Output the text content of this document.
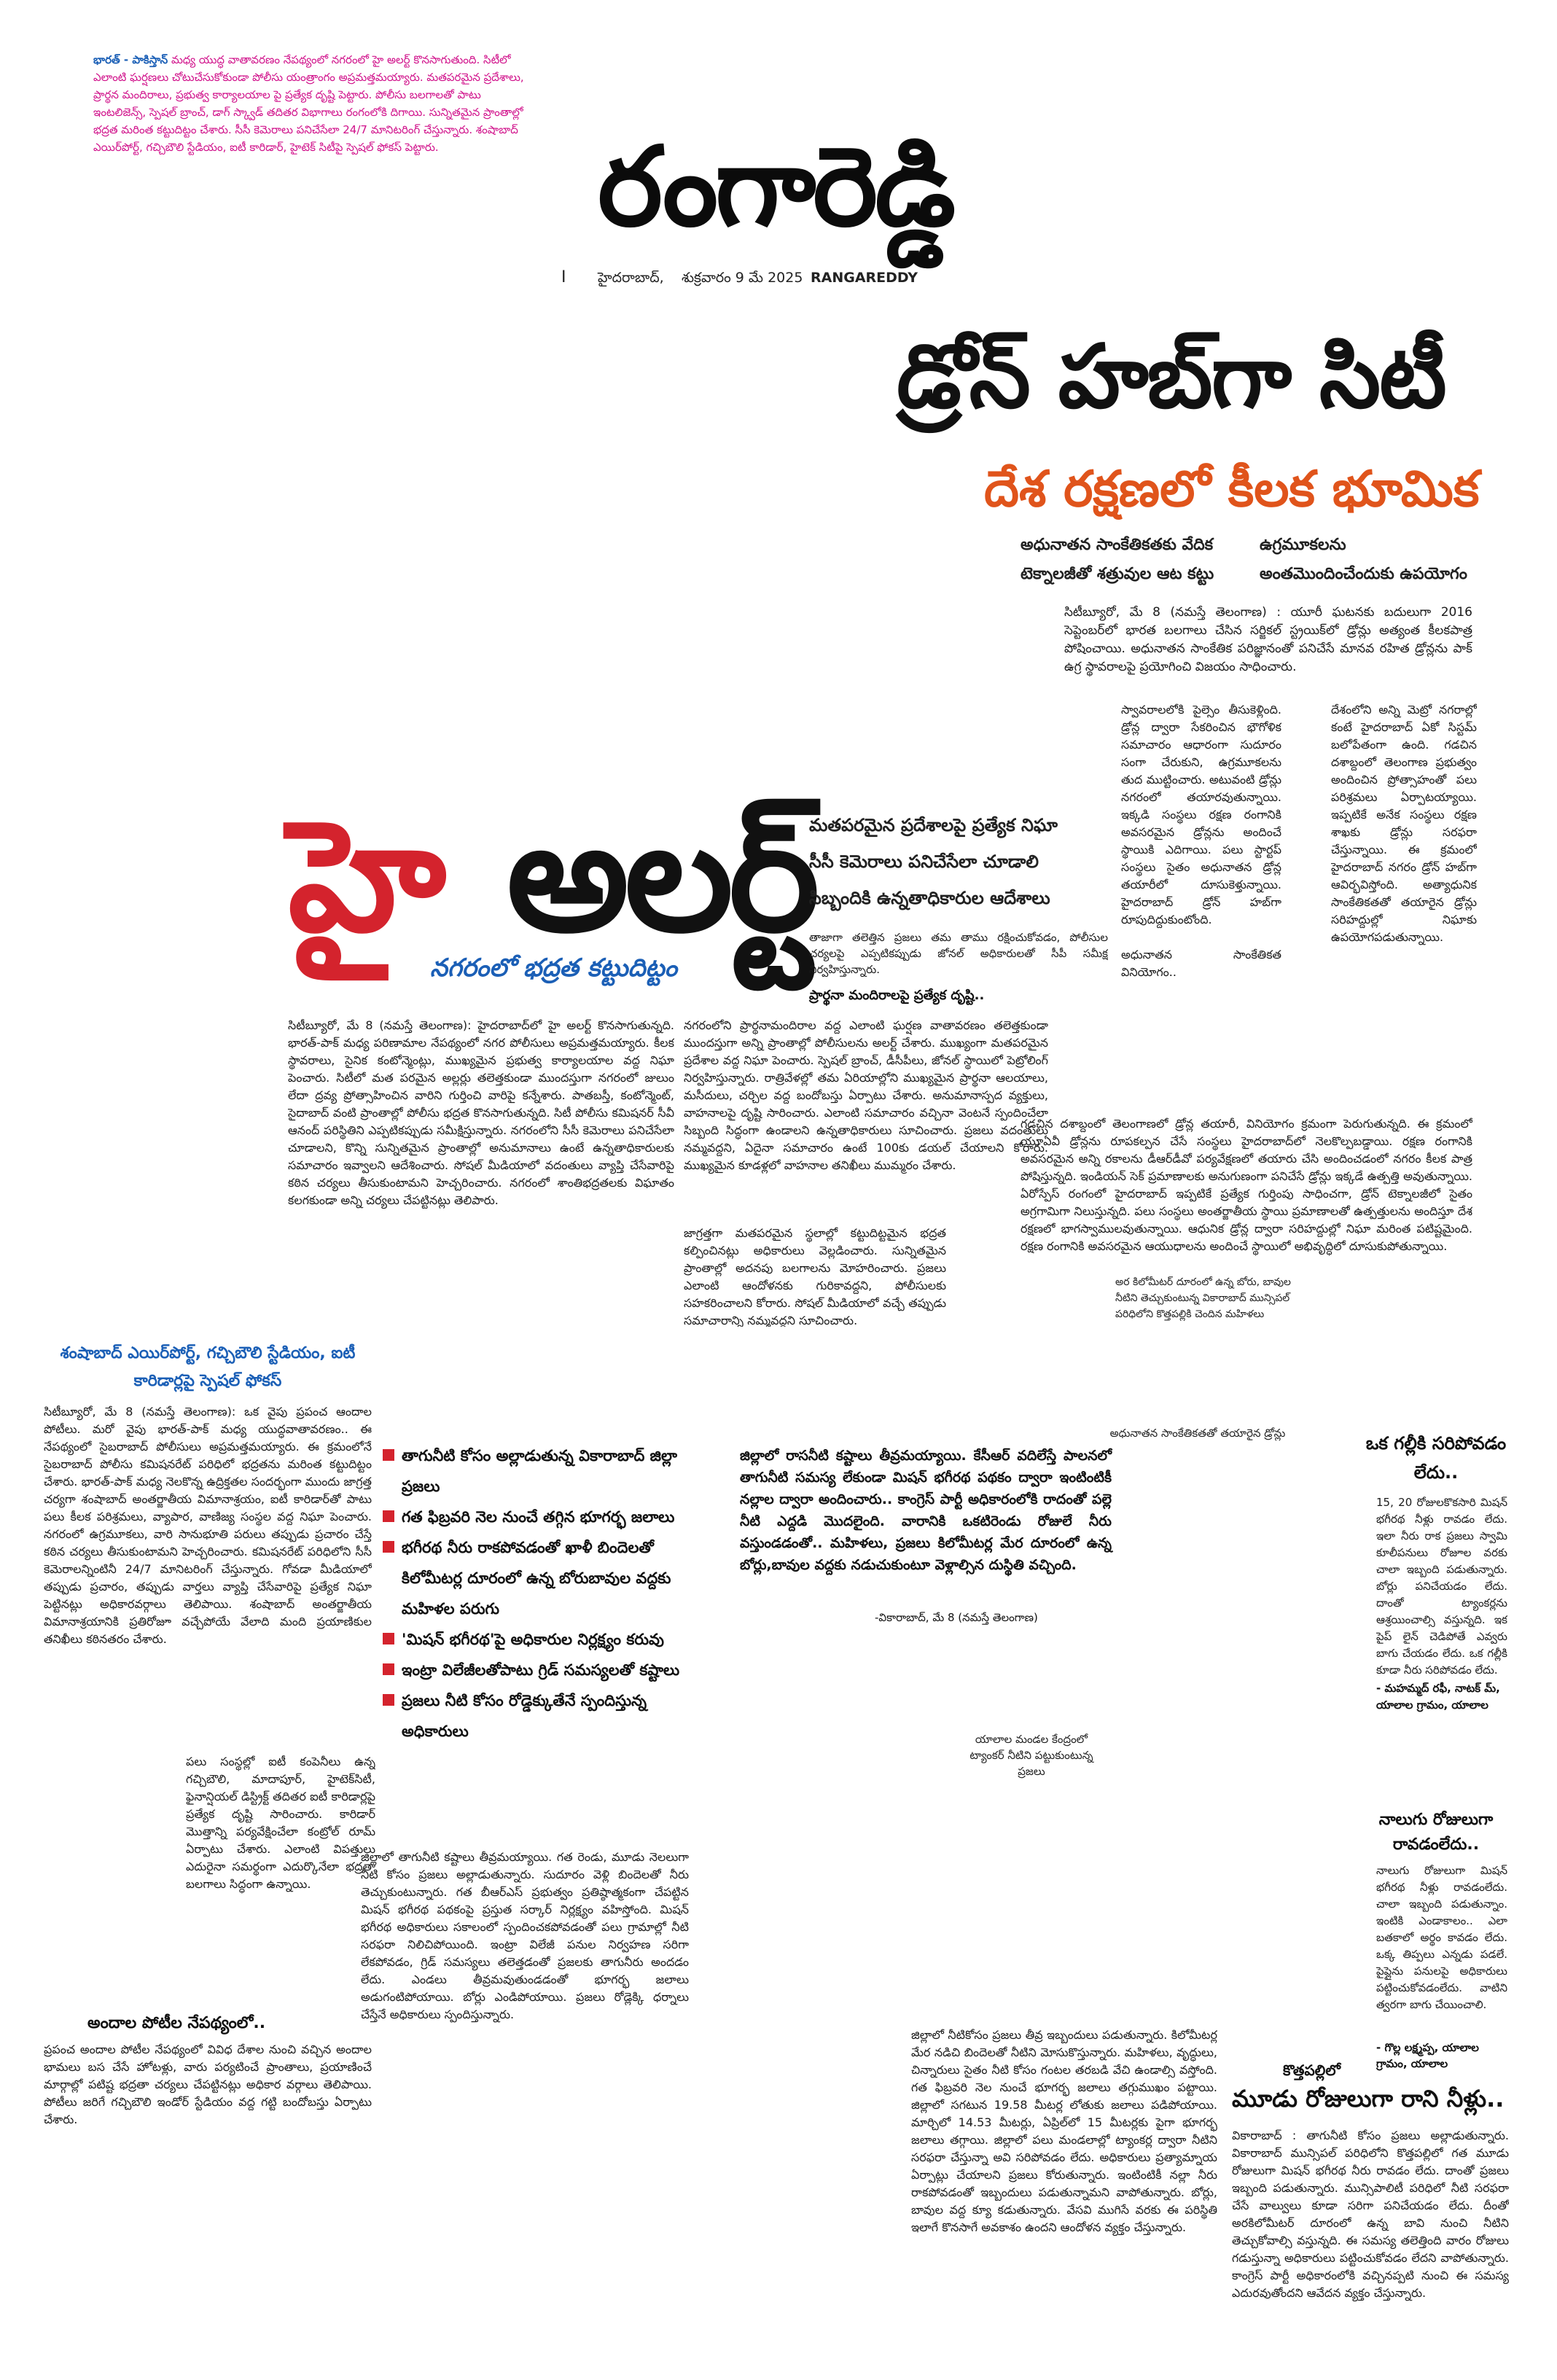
భారత్ - పాకిస్తాన్ మధ్య యుద్ధ వాతావరణం నేపథ్యంలో నగరంలో హై అలర్ట్ కొనసాగుతుంది. సిటీలో ఎలాంటి ఘర్షణలు చోటుచేసుకోకుండా పోలీసు యంత్రాంగం అప్రమత్తమయ్యారు. మతపరమైన ప్రదేశాలు, ప్రార్థన మందిరాలు, ప్రభుత్వ కార్యాలయాల పై ప్రత్యేక దృష్టి పెట్టారు. పోలీసు బలగాలతో పాటు ఇంటలిజెన్స్, స్పెషల్ బ్రాంచ్, డాగ్ స్క్వాడ్ తదితర విభాగాలు రంగంలోకి దిగాయి. సున్నితమైన ప్రాంతాల్లో భద్రత మరింత కట్టుదిట్టం చేశారు. సీసీ కెమెరాలు పనిచేసేలా 24/7 మానిటరింగ్ చేస్తున్నారు. శంషాబాద్ ఎయిర్‌పోర్ట్, గచ్చిబౌలి స్టేడియం, ఐటీ కారిడార్, హైటెక్ సిటీపై స్పెషల్ ఫోకస్ పెట్టారు.	రంగారెడ్డి
I హైదరాబాద్, శుక్రవారం 9 మే 2025 RANGAREDDY
డ్రోన్ హబ్‌గా సిటీ
దేశ రక్షణలో కీలక భూమిక
అధునాతన సాంకేతికతకు వేదిక
టెక్నాలజీతో శత్రువుల ఆట కట్టు
ఉగ్రమూకలను
అంతమొందించేందుకు ఉపయోగం
సిటీబ్యూరో, మే 8 (నమస్తే తెలంగాణ) : యూరీ ఘటనకు బదులుగా 2016 సెప్టెంబర్‌లో భారత బలగాలు చేసిన సర్జికల్ స్ట్రయిక్‌లో డ్రోన్లు అత్యంత కీలకపాత్ర పోషించాయి. అధునాతన సాంకేతిక పరిజ్ఞానంతో పనిచేసే మానవ రహిత డ్రోన్లను పాక్ ఉగ్ర స్థావరాలపై ప్రయోగించి విజయం సాధించారు.
స్వావరాలలోకి పైల్సెం తీసుకెళ్లింది. డ్రోన్ల ద్వారా సేకరించిన భౌగోళిక సమాచారం ఆధారంగా సుదూరం సంగా చేరుకుని, ఉగ్రమూకలను తుద ముట్టించారు. అటువంటి డ్రోన్లు నగరంలో తయారవుతున్నాయి. ఇక్కడి సంస్థలు రక్షణ రంగానికి అవసరమైన డ్రోన్లను అందించే స్థాయికి ఎదిగాయి. పలు స్టార్టప్ సంస్థలు సైతం అధునాతన డ్రోన్ల తయారీలో దూసుకెళ్తున్నాయి. హైదరాబాద్ డ్రోన్ హబ్‌గా రూపుదిద్దుకుంటోంది.

అధునాతన సాంకేతికత వినియోగం..
దేశంలోని అన్ని మెట్రో నగరాల్లో కంటే హైదరాబాద్ ఏకో సిస్టమ్ బలోపేతంగా ఉంది. గడచిన దశాబ్దంలో తెలంగాణ ప్రభుత్వం అందించిన ప్రోత్సాహంతో పలు పరిశ్రమలు ఏర్పాటయ్యాయి. ఇప్పటికే అనేక సంస్థలు రక్షణ శాఖకు డ్రోన్లు సరఫరా చేస్తున్నాయి. ఈ క్రమంలో హైదరాబాద్ నగరం డ్రోన్ హబ్‌గా ఆవిర్భవిస్తోంది. అత్యాధునిక సాంకేతికతతో తయారైన డ్రోన్లు సరిహద్దుల్లో నిఘాకు ఉపయోగపడుతున్నాయి.
గడచిన దశాబ్దంలో తెలంగాణలో డ్రోన్ల తయారీ, వినియోగం క్రమంగా పెరుగుతున్నది. ఈ క్రమంలో యూఏవీ డ్రోన్లను రూపకల్పన చేసే సంస్థలు హైదరాబాద్‌లో నెలకొల్పబడ్డాయి. రక్షణ రంగానికి అవసరమైన అన్ని రకాలను డీఆర్‌డీవో పర్యవేక్షణలో తయారు చేసి అందించడంలో నగరం కీలక పాత్ర పోషిస్తున్నది. ఇండియన్ సెక్ ప్రమాణాలకు అనుగుణంగా పనిచేసే డ్రోన్లు ఇక్కడే ఉత్పత్తి అవుతున్నాయి. ఏరోస్పేస్ రంగంలో హైదరాబాద్ ఇప్పటికే ప్రత్యేక గుర్తింపు సాధించగా, డ్రోన్ టెక్నాలజీలో సైతం అగ్రగామిగా నిలుస్తున్నది. పలు సంస్థలు అంతర్జాతీయ స్థాయి ప్రమాణాలతో ఉత్పత్తులను అందిస్తూ దేశ రక్షణలో భాగస్వాములవుతున్నాయి. ఆధునిక డ్రోన్ల ద్వారా సరిహద్దుల్లో నిఘా మరింత పటిష్టమైంది. రక్షణ రంగానికి అవసరమైన ఆయుధాలను అందించే స్థాయిలో అభివృద్ధిలో దూసుకుపోతున్నాయి.
అధునాతన సాంకేతికతతో తయారైన డ్రోన్లు
హై అలర్ట్
నగరంలో భద్రత కట్టుదిట్టం
మతపరమైన ప్రదేశాలపై ప్రత్యేక నిఘా
సీసీ కెమెరాలు పనిచేసేలా చూడాలి
సిబ్బందికి ఉన్నతాధికారుల ఆదేశాలు
తాజాగా తలెత్తిన ప్రజలు తమ తాము రక్షించుకోవడం, పోలీసుల చర్యలపై ఎప్పటికప్పుడు జోనల్ అధికారులతో సీపీ సమీక్ష నిర్వహిస్తున్నారు.
ప్రార్థనా మందిరాలపై ప్రత్యేక దృష్టి..
సిటీబ్యూరో, మే 8 (నమస్తే తెలంగాణ): హైదరాబాద్‌లో హై అలర్ట్ కొనసాగుతున్నది. భారత్-పాక్ మధ్య పరిణామాల నేపథ్యంలో నగర పోలీసులు అప్రమత్తమయ్యారు. కీలక స్థావరాలు, సైనిక కంటోన్మెంట్లు, ముఖ్యమైన ప్రభుత్వ కార్యాలయాల వద్ద నిఘా పెంచారు. సిటీలో మత పరమైన అల్లర్లు తలెత్తకుండా ముందస్తుగా నగరంలో జులుం లేదా ద్రవ్య ప్రోత్సాహించిన వారిని గుర్తించి వారిపై కన్నేశారు. పాతబస్తీ, కంటోన్మెంట్, సైదాబాద్ వంటి ప్రాంతాల్లో పోలీసు భద్రత కొనసాగుతున్నది. సిటీ పోలీసు కమిషనర్ సీవీ ఆనంద్ పరిస్థితిని ఎప్పటికప్పుడు సమీక్షిస్తున్నారు. నగరంలోని సీసీ కెమెరాలు పనిచేసేలా చూడాలని, కొన్ని సున్నితమైన ప్రాంతాల్లో అనుమానాలు ఉంటే ఉన్నతాధికారులకు సమాచారం ఇవ్వాలని ఆదేశించారు. సోషల్ మీడియాలో వదంతులు వ్యాప్తి చేసేవారిపై కఠిన చర్యలు తీసుకుంటామని హెచ్చరించారు. నగరంలో శాంతిభద్రతలకు విఘాతం కలగకుండా అన్ని చర్యలు చేపట్టినట్లు తెలిపారు.
నగరంలోని ప్రార్థనామందిరాల వద్ద ఎలాంటి ఘర్షణ వాతావరణం తలెత్తకుండా ముందస్తుగా అన్ని ప్రాంతాల్లో పోలీసులను అలర్ట్ చేశారు. ముఖ్యంగా మతపరమైన ప్రదేశాల వద్ద నిఘా పెంచారు. స్పెషల్ బ్రాంచ్, డీసీపీలు, జోనల్ స్థాయిలో పెట్రోలింగ్ నిర్వహిస్తున్నారు. రాత్రివేళల్లో తమ ఏరియాల్లోని ముఖ్యమైన ప్రార్థనా ఆలయాలు, మసీదులు, చర్చిల వద్ద బందోబస్తు ఏర్పాటు చేశారు. అనుమానాస్పద వ్యక్తులు, వాహనాలపై దృష్టి సారించారు. ఎలాంటి సమాచారం వచ్చినా వెంటనే స్పందించేలా సిబ్బంది సిద్ధంగా ఉండాలని ఉన్నతాధికారులు సూచించారు. ప్రజలు వదంతులు నమ్మవద్దని, ఏదైనా సమాచారం ఉంటే 100కు డయల్ చేయాలని కోరారు. ముఖ్యమైన కూడళ్లలో వాహనాల తనిఖీలు ముమ్మరం చేశారు.
జాగ్రత్తగా మతపరమైన స్థలాల్లో కట్టుదిట్టమైన భద్రత కల్పించినట్లు అధికారులు వెల్లడించారు. సున్నితమైన ప్రాంతాల్లో అదనపు బలగాలను మోహరించారు. ప్రజలు ఎలాంటి ఆందోళనకు గురికావద్దని, పోలీసులకు సహకరించాలని కోరారు. సోషల్ మీడియాలో వచ్చే తప్పుడు సమాచారాన్ని నమ్మవద్దని సూచించారు.
శంషాబాద్ ఎయిర్‌పోర్ట్, గచ్చిబౌలి స్టేడియం, ఐటీ కారిడార్లపై స్పెషల్ ఫోకస్
సిటీబ్యూరో, మే 8 (నమస్తే తెలంగాణ): ఒక వైపు ప్రపంచ ఆందాల పోటీలు. మరో వైపు భారత్-పాక్ మధ్య యుద్ధవాతావరణం.. ఈ నేపథ్యంలో సైబరాబాద్ పోలీసులు అప్రమత్తమయ్యారు. ఈ క్రమంలోనే సైబరాబాద్ పోలీసు కమిషనరేట్ పరిధిలో భద్రతను మరింత కట్టుదిట్టం చేశారు. భారత్-పాక్ మధ్య నెలకొన్న ఉద్రిక్తతల సందర్భంగా ముందు జాగ్రత్త చర్యగా శంషాబాద్ అంతర్జాతీయ విమానాశ్రయం, ఐటీ కారిడార్‌తో పాటు పలు కీలక పరిశ్రమలు, వ్యాపార, వాణిజ్య సంస్థల వద్ద నిఘా పెంచారు. నగరంలో ఉగ్రమూకలు, వారి సానుభూతి పరులు తప్పుడు ప్రచారం చేస్తే కఠిన చర్యలు తీసుకుంటామని హెచ్చరించారు. కమిషనరేట్ పరిధిలోని సీసీ కెమెరాలన్నింటినీ 24/7 మానిటరింగ్ చేస్తున్నారు. గోవడా మీడియాలో తప్పుడు ప్రచారం, తప్పుడు వార్తలు వ్యాప్తి చేసేవారిపై ప్రత్యేక నిఘా పెట్టినట్లు అధికారవర్గాలు తెలిపాయి. శంషాబాద్ అంతర్జాతీయ విమానాశ్రయానికి ప్రతిరోజూ వచ్చేపోయే వేలాది మంది ప్రయాణికుల తనిఖీలు కఠినతరం చేశారు.
పలు సంస్థల్లో ఐటీ కంపెనీలు ఉన్న గచ్చిబౌలి, మాదాపూర్, హైటెక్‌సిటీ, ఫైనాన్షియల్ డిస్ట్రిక్ట్ తదితర ఐటీ కారిడార్లపై ప్రత్యేక దృష్టి సారించారు. కారిడార్ మొత్తాన్ని పర్యవేక్షించేలా కంట్రోల్ రూమ్ ఏర్పాటు చేశారు. ఎలాంటి విపత్తులు ఎదురైనా సమర్థంగా ఎదుర్కొనేలా భద్రతా బలగాలు సిద్ధంగా ఉన్నాయి.
అందాల పోటీల నేపథ్యంలో..
ప్రపంచ అందాల పోటీల నేపథ్యంలో వివిధ దేశాల నుంచి వచ్చిన అందాల భామలు బస చేసే హోటళ్లు, వారు పర్యటించే ప్రాంతాలు, ప్రయాణించే మార్గాల్లో పటిష్ట భద్రతా చర్యలు చేపట్టినట్లు అధికార వర్గాలు తెలిపాయి. పోటీలు జరిగే గచ్చిబౌలి ఇండోర్ స్టేడియం వద్ద గట్టి బందోబస్తు ఏర్పాటు చేశారు.
అర కిలోమీటర్ దూరంలో ఉన్న బోరు, బావుల నీటిని తెచ్చుకుంటున్న వికారాబాద్ మున్సిపల్ పరిధిలోని కొత్తపల్లికి చెందిన మహిళలు
తాగునీటి కోసం అల్లాడుతున్న వికారాబాద్ జిల్లా ప్రజలు
గత ఫిబ్రవరి నెల నుంచే తగ్గిన భూగర్భ జలాలు
భగీరథ నీరు రాకపోవడంతో ఖాళీ బిందెలతో కిలోమీటర్ల దూరంలో ఉన్న బోరుబావుల వద్దకు మహిళల పరుగు
'మిషన్ భగీరథ'పై అధికారుల నిర్లక్ష్యం కరువు
ఇంట్రా విలేజీలతోపాటు గ్రిడ్ సమస్యలతో కష్టాలు
ప్రజలు నీటి కోసం రోడ్డెక్కుతేనే స్పందిస్తున్న అధికారులు
జిల్లాలో రాసనీటి కష్టాలు తీవ్రమయ్యాయి. కేసీఆర్ వదిలేస్తే పాలనలో తాగునీటి సమస్య లేకుండా మిషన్ భగీరథ పథకం ద్వారా ఇంటింటికీ నల్లాల ద్వారా అందించారు.. కాంగ్రెస్ పార్టీ అధికారంలోకి రాదంతో పల్లె నీటి ఎద్దడి మొదలైంది. వారానికి ఒకటిరెండు రోజులే నీరు వస్తుండడంతో.. మహిళలు, ప్రజలు కిలోమీటర్ల మేర దూరంలో ఉన్న బోర్లు,బావుల వద్దకు నడుచుకుంటూ వెళ్లాల్సిన దుస్థితి వచ్చింది.
-వికారాబాద్, మే 8 (నమస్తే తెలంగాణ)
యాలాల మండల కేంద్రంలో ట్యాంకర్ నీటిని పట్టుకుంటున్న ప్రజలు
జిల్లాలో తాగునీటి కష్టాలు తీవ్రమయ్యాయి. గత రెండు, మూడు నెలలుగా నీటి కోసం ప్రజలు అల్లాడుతున్నారు. సుదూరం వెళ్లి బిందెలతో నీరు తెచ్చుకుంటున్నారు. గత బీఆర్ఎస్ ప్రభుత్వం ప్రతిష్ఠాత్మకంగా చేపట్టిన మిషన్ భగీరథ పథకంపై ప్రస్తుత సర్కార్ నిర్లక్ష్యం వహిస్తోంది. మిషన్ భగీరథ అధికారులు సకాలంలో స్పందించకపోవడంతో పలు గ్రామాల్లో నీటి సరఫరా నిలిచిపోయింది. ఇంట్రా విలేజీ పనుల నిర్వహణ సరిగా లేకపోవడం, గ్రిడ్ సమస్యలు తలెత్తడంతో ప్రజలకు తాగునీరు అందడం లేదు. ఎండలు తీవ్రమవుతుండడంతో భూగర్భ జలాలు అడుగంటిపోయాయి. బోర్లు ఎండిపోయాయి. ప్రజలు రోడ్లెక్కి ధర్నాలు చేస్తేనే అధికారులు స్పందిస్తున్నారు.
జిల్లాలో నీటికోసం ప్రజలు తీవ్ర ఇబ్బందులు పడుతున్నారు. కిలోమీటర్ల మేర నడిచి బిందెలతో నీటిని మోసుకొస్తున్నారు. మహిళలు, వృద్ధులు, చిన్నారులు సైతం నీటి కోసం గంటల తరబడి వేచి ఉండాల్సి వస్తోంది. గత ఫిబ్రవరి నెల నుంచే భూగర్భ జలాలు తగ్గుముఖం పట్టాయి. జిల్లాలో సగటున 19.58 మీటర్ల లోతుకు జలాలు పడిపోయాయి. మార్చిలో 14.53 మీటర్లు, ఏప్రిల్‌లో 15 మీటర్లకు పైగా భూగర్భ జలాలు తగ్గాయి. జిల్లాలో పలు మండలాల్లో ట్యాంకర్ల ద్వారా నీటిని సరఫరా చేస్తున్నా అవి సరిపోవడం లేదు. అధికారులు ప్రత్యామ్నాయ ఏర్పాట్లు చేయాలని ప్రజలు కోరుతున్నారు. ఇంటింటికీ నల్లా నీరు రాకపోవడంతో ఇబ్బందులు పడుతున్నామని వాపోతున్నారు. బోర్లు, బావుల వద్ద క్యూ కడుతున్నారు. వేసవి ముగిసే వరకు ఈ పరిస్థితి ఇలాగే కొనసాగే అవకాశం ఉందని ఆందోళన వ్యక్తం చేస్తున్నారు.
ఒక గల్లీకి సరిపోవడం లేదు..
15, 20 రోజులకొకసారి మిషన్ భగీరథ నీళ్లు రావడం లేదు. ఇలా నీరు రాక ప్రజలు స్వామి కూలీపనులు రోజూల వరకు చాలా ఇబ్బంది పడుతున్నారు. బోర్లు పనిచేయడం లేదు. దాంతో ట్యాంకర్లను ఆశ్రయించాల్సి వస్తున్నది. ఇక పైప్ లైన్ చెడిపోతే ఎవ్వరు బాగు చేయడం లేదు. ఒక గల్లీకి కూడా నీరు సరిపోవడం లేదు.
- మహమ్మద్ రఫీ, నాటక్ మ్, యాలాల గ్రామం, యాలాల
నాలుగు రోజులుగా రావడంలేదు..
నాలుగు రోజులుగా మిషన్ భగీరథ నీళ్లు రావడంలేదు. చాలా ఇబ్బంది పడుతున్నాం. ఇంటికి ఎండాకాలం.. ఎలా బతకాలో అర్థం కావడం లేదు. ఒక్క తిప్పలు ఎన్నడు పడలే. పైప్లైను పనులపై అధికారులు పట్టించుకోవడంలేదు. వాటిని త్వరగా బాగు చేయించాలి.
- గొల్ల లక్ష్మప్ప, యాలాల గ్రామం, యాలాల
కొత్తపల్లిలో
మూడు రోజులుగా రాని నీళ్లు..
వికారాబాద్ : తాగునీటి కోసం ప్రజలు అల్లాడుతున్నారు. వికారాబాద్ మున్సిపల్ పరిధిలోని కొత్తపల్లిలో గత మూడు రోజులుగా మిషన్ భగీరథ నీరు రావడం లేదు. దాంతో ప్రజలు ఇబ్బంది పడుతున్నారు. మున్సిపాలిటీ పరిధిలో నీటి సరఫరా చేసే వాల్వులు కూడా సరిగా పనిచేయడం లేదు. దీంతో అరకిలోమీటర్ దూరంలో ఉన్న బావి నుంచి నీటిని తెచ్చుకోవాల్సి వస్తున్నది. ఈ సమస్య తలెత్తింది వారం రోజులు గడుస్తున్నా అధికారులు పట్టించుకోవడం లేదని వాపోతున్నారు. కాంగ్రెస్ పార్టీ అధికారంలోకి వచ్చినప్పటి నుంచి ఈ సమస్య ఎదురవుతోందని ఆవేదన వ్యక్తం చేస్తున్నారు.
